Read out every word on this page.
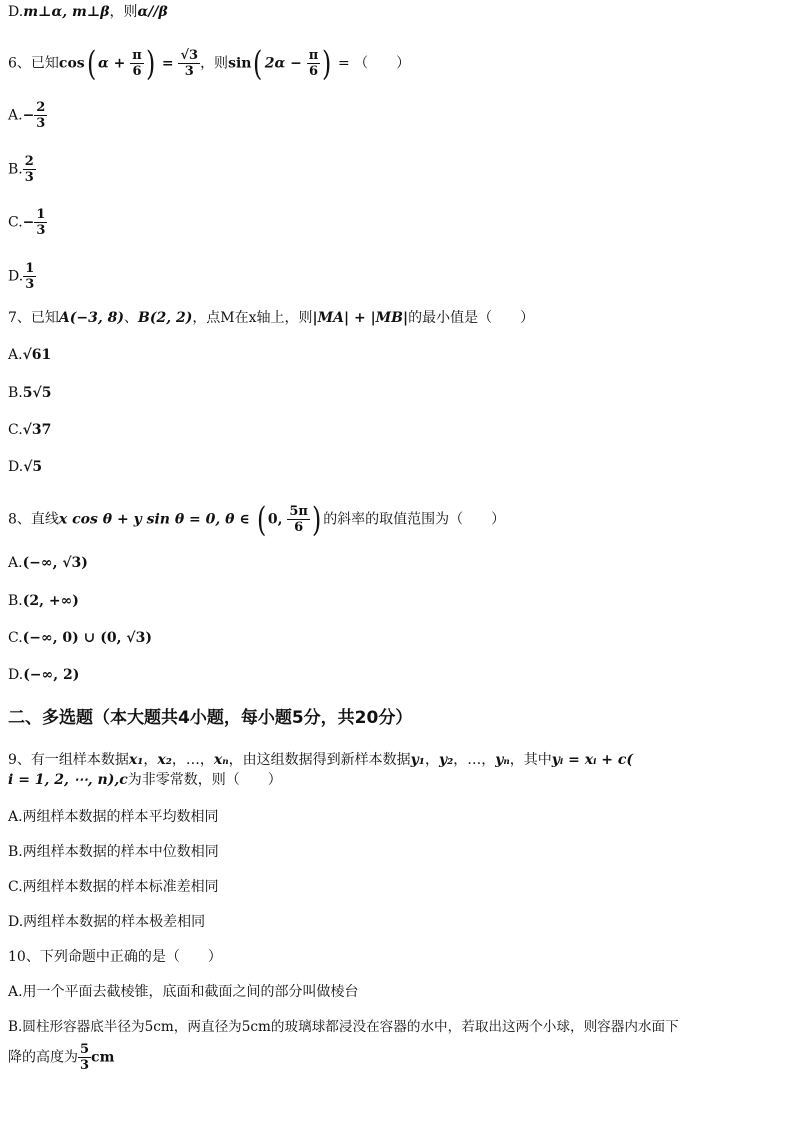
D.m⊥α, m⊥β，则α//β
6、已知cos( $\alpha + \frac{\pi}{6}$ ) = $\frac{√3}{3}$ ，则sin( $2\alpha - \frac{\pi}{6}$ ) = （　　）
$A.- \frac{2}{3}$
B. $\frac{2}{3}$
$C.- \frac{1}{3}$
D. $\frac{1}{3}$
7、已知A(−3, 8)、B(2, 2)，点M在x轴上，则|MA| + |MB|的最小值是（　　）
A.√61
B.5√5
C.√37
D.√5
8、直线x cos θ + y sin θ = 0, θ ∈ ( 0, $\frac{5\pi}{6}$ ) 的斜率的取值范围为（　　）
A.(−∞, √3)
B.(2, +∞)
C.(−∞, 0) ∪ (0, √3)
D.(−∞, 2)
二、多选题（本大题共4小题，每小题5分，共20分）
9、有一组样本数据x₁，x₂，…，xₙ，由这组数据得到新样本数据y₁，y₂，…，yₙ，其中yᵢ = xᵢ + c(
i = 1, 2, ⋯, n),c为非零常数，则（　　）
A.两组样本数据的样本平均数相同
B.两组样本数据的样本中位数相同
C.两组样本数据的样本标准差相同
D.两组样本数据的样本极差相同
10、下列命题中正确的是（　　）
A.用一个平面去截棱锥，底面和截面之间的部分叫做棱台
B.圆柱形容器底半径为5cm，两直径为5cm的玻璃球都浸没在容器的水中，若取出这两个小球，则容器内水面下
降的高度为 $\frac{5}{3}$ cm
